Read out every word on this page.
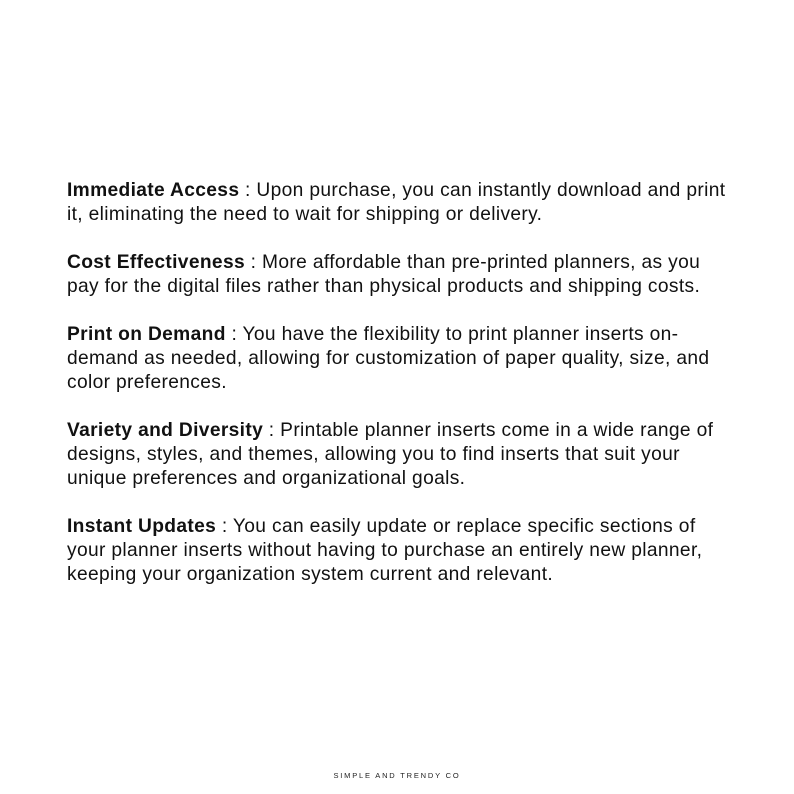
Immediate Access : Upon purchase, you can instantly download and print it, eliminating the need to wait for shipping or delivery.

Cost Effectiveness : More affordable than pre-printed planners, as you pay for the digital files rather than physical products and shipping costs.

Print on Demand : You have the flexibility to print planner inserts on-demand as needed, allowing for customization of paper quality, size, and color preferences.

Variety and Diversity : Printable planner inserts come in a wide range of designs, styles, and themes, allowing you to find inserts that suit your unique preferences and organizational goals.

Instant Updates : You can easily update or replace specific sections of your planner inserts without having to purchase an entirely new planner, keeping your organization system current and relevant.

SIMPLE AND TRENDY CO
